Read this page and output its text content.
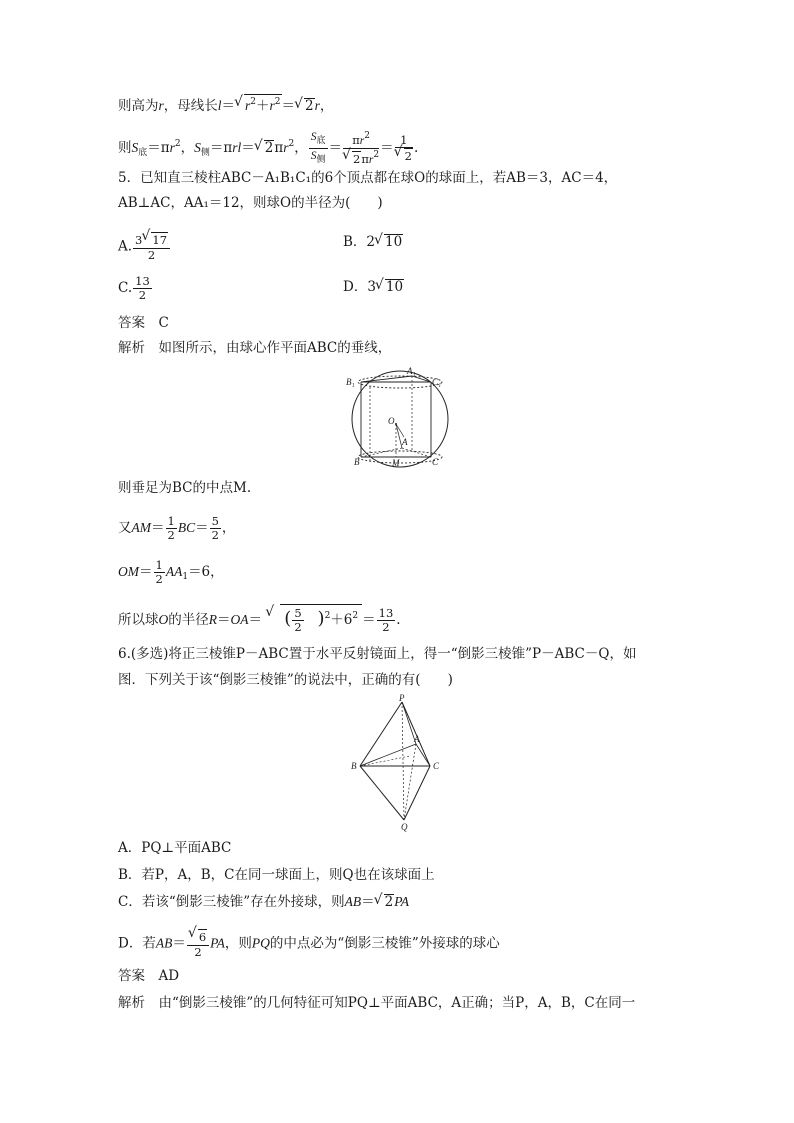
则高为r，母线长l＝√ $r^2+r^2=√$ 2r，
则$S_底=\pi r^2$，$S_侧=\pi rl=√$ $2\pi r^2$， $\frac{S_底}{S_侧} = \pi r^2$
√ $2\pi r^2 = 1$
√ 2 .
5．已知直三棱柱ABC－A₁B₁C₁的6个顶点都在球O的球面上，若AB＝3，AC＝4，
AB⊥AC，AA₁＝12，则球O的半径为(　　)
A. $\frac{3√ 17}{2}$	B．2√ 10
C. $\frac{13}{2}$	D．3√ 10
答案　C
解析　如图所示，由球心作平面ABC的垂线，
A₁
B₁	C₁
O
A
B	M	C
则垂足为BC的中点M.
又$AM= \frac{1}{2} BC= \frac{5}{2}$ ，
$OM= \frac{1}{2} AA_1=6$，
所以球O的半径R＝OA＝ √ ( $\frac{5}{2} )^2+6^2 = \frac{13}{2}$ .
6.(多选)将正三棱锥P－ABC置于水平反射镜面上，得一“倒影三棱锥”P－ABC－Q，如
图．下列关于该“倒影三棱锥”的说法中，正确的有(　　)
P
A
B	C
Q
A．PQ⊥平面ABC
B．若P，A，B，C在同一球面上，则Q也在该球面上
C．若该“倒影三棱锥”存在外接球，则AB＝√ 2PA
D．若AB＝
√ $\frac{6}{2}$ PA，则PQ的中点必为“倒影三棱锥”外接球的球心
答案　AD
解析　由“倒影三棱锥”的几何特征可知PQ⊥平面ABC，A正确；当P，A，B，C在同一
